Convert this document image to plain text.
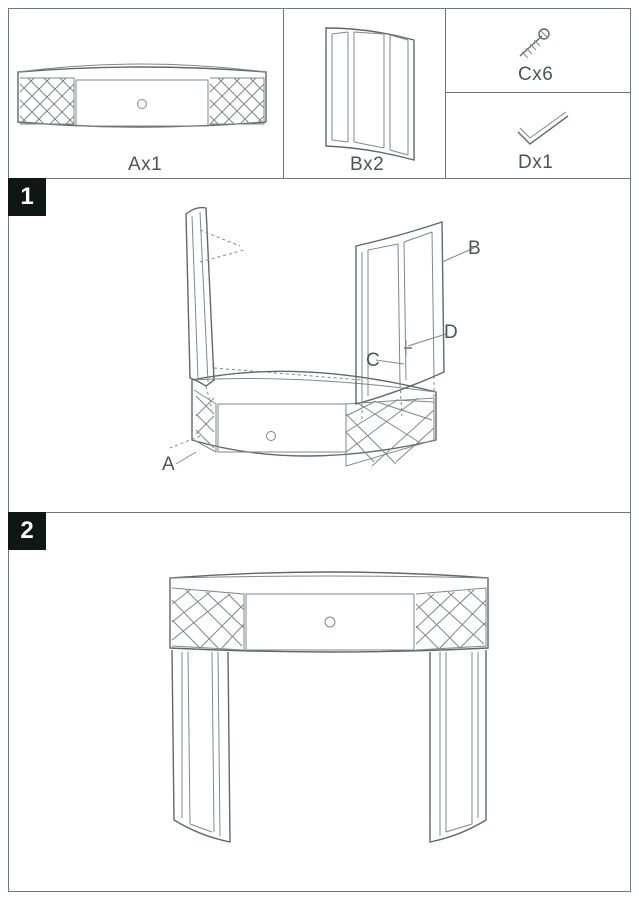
Ax1	Bx2
Cx6
Dx1
1
2
B
D
C
A
